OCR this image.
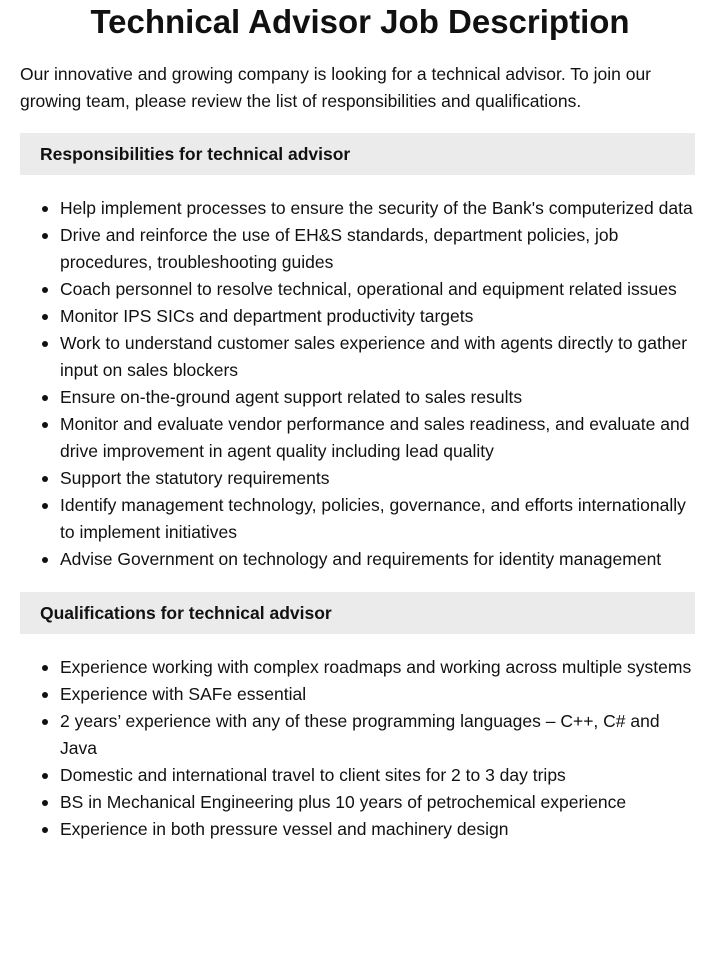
Technical Advisor Job Description

Our innovative and growing company is looking for a technical advisor. To join our growing team, please review the list of responsibilities and qualifications.

Responsibilities for technical advisor
Help implement processes to ensure the security of the Bank's computerized data
Drive and reinforce the use of EH&S standards, department policies, job procedures, troubleshooting guides
Coach personnel to resolve technical, operational and equipment related issues
Monitor IPS SICs and department productivity targets
Work to understand customer sales experience and with agents directly to gather input on sales blockers
Ensure on-the-ground agent support related to sales results
Monitor and evaluate vendor performance and sales readiness, and evaluate and drive improvement in agent quality including lead quality
Support the statutory requirements
Identify management technology, policies, governance, and efforts internationally to implement initiatives
Advise Government on technology and requirements for identity management
Qualifications for technical advisor
Experience working with complex roadmaps and working across multiple systems
Experience with SAFe essential
2 years’ experience with any of these programming languages – C++, C# and Java
Domestic and international travel to client sites for 2 to 3 day trips
BS in Mechanical Engineering plus 10 years of petrochemical experience
Experience in both pressure vessel and machinery design
